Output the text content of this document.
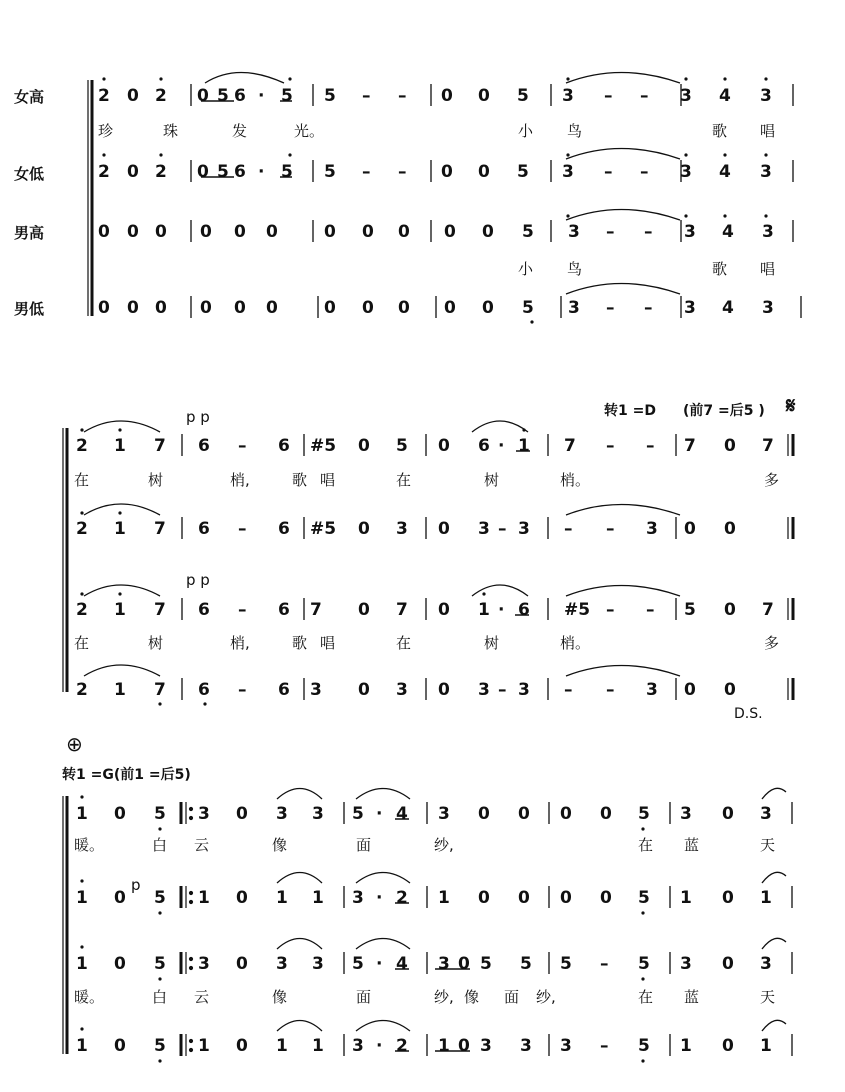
女高
女低
男高
男低
转1 =D (前7 =后5 ) 𝄋
p p
p p
D.S.
⊕
转1 =G(前1 =后5)
p
2 0 2 0 5 6 · 5 5 – – 0 0 5 3 – – 3 4 3
2 0 2 0 5 6 · 5 5 – – 0 0 5 3 – – 3 4 3
0 0 0 0 0 0	0 0 0 0 0 5 3 – – 3 4 3
0 0 0 0 0 0	0 0 0 0 0 5 3 – – 3 4 3
珍	珠	发	光。	小 鸟	歌 唱
小 鸟	歌 唱
2 1 7 6 – 6 #5 0 5 0 6 · 1 7 – – 7 0 7
2 1 7 6 – 6 #5 0 3 0 3 – 3 – – 3 0 0
2 1 7 6 – 6 7 0 7 0 1 · 6 #5 – – 5 0 7
2 1 7 6 – 6 3 0 3 0 3 – 3 – – 3 0 0
在	树	梢,	歌 唱	在	树	梢。	多
在	树	梢,	歌 唱	在	树	梢。	多
1 0 5 3 0 3 3 5 · 4 3 0 0 0 0 5 3 0 3
1 0 5 1 0 1 1 3 · 2 1 0 0 0 0 5 1 0 1
1 0 5 3 0 3 3 5 · 4 3 0 5 5 5 – 5 3 0 3
1 0 5 1 0 1 1 3 · 2 1 0 3 3 3 – 5 1 0 1
暖。	白 云	像	面	纱,	在 蓝	天
暖。	白 云	像	面	纱, 像 面 纱,	在 蓝	天
